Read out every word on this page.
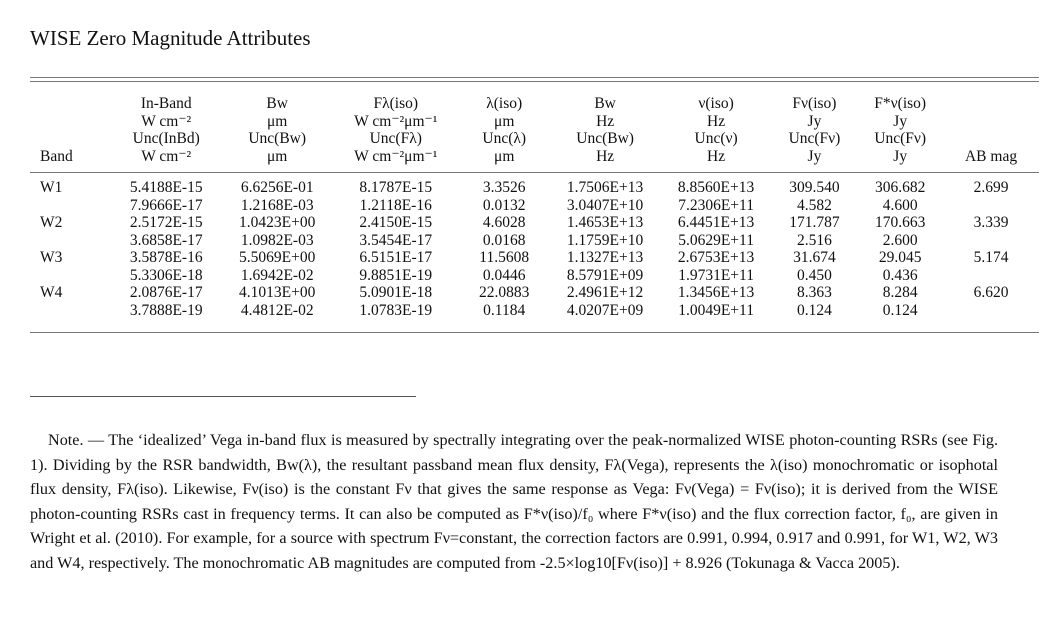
WISE Zero Magnitude Attributes
	In-Band	Bw	Fλ(iso)	λ(iso)	Bw	ν(iso)	Fν(iso)	F*ν(iso)	
	W cm⁻²	μm	W cm⁻²μm⁻¹	μm	Hz	Hz	Jy	Jy	
	Unc(InBd)	Unc(Bw)	Unc(Fλ)	Unc(λ)	Unc(Bw)	Unc(ν)	Unc(Fν)	Unc(Fν)	
Band	W cm⁻²	μm	W cm⁻²μm⁻¹	μm	Hz	Hz	Jy	Jy	AB mag

W1	5.4188E-15	6.6256E-01	8.1787E-15	3.3526	1.7506E+13	8.8560E+13	309.540	306.682	2.699
	7.9666E-17	1.2168E-03	1.2118E-16	0.0132	3.0407E+10	7.2306E+11	4.582	4.600	
W2	2.5172E-15	1.0423E+00	2.4150E-15	4.6028	1.4653E+13	6.4451E+13	171.787	170.663	3.339
	3.6858E-17	1.0982E-03	3.5454E-17	0.0168	1.1759E+10	5.0629E+11	2.516	2.600	
W3	3.5878E-16	5.5069E+00	6.5151E-17	11.5608	1.1327E+13	2.6753E+13	31.674	29.045	5.174
	5.3306E-18	1.6942E-02	9.8851E-19	0.0446	8.5791E+09	1.9731E+11	0.450	0.436	
W4	2.0876E-17	4.1013E+00	5.0901E-18	22.0883	2.4961E+12	1.3456E+13	8.363	8.284	6.620
	3.7888E-19	4.4812E-02	1.0783E-19	0.1184	4.0207E+09	1.0049E+11	0.124	0.124	
Note. — The ‘idealized’ Vega in-band flux is measured by spectrally integrating over the peak-normalized WISE photon-counting RSRs (see Fig. 1). Dividing by the RSR bandwidth, Bw(λ), the resultant passband mean flux density, Fλ(Vega), represents the λ(iso) monochromatic or isophotal flux density, Fλ(iso). Likewise, Fν(iso) is the constant Fν that gives the same response as Vega: Fν(Vega) = Fν(iso); it is derived from the WISE photon-counting RSRs cast in frequency terms. It can also be computed as F*ν(iso)/f₀ where F*ν(iso) and the flux correction factor, f₀, are given in Wright et al. (2010). For example, for a source with spectrum Fν=constant, the correction factors are 0.991, 0.994, 0.917 and 0.991, for W1, W2, W3 and W4, respectively. The monochromatic AB magnitudes are computed from -2.5×log10[Fν(iso)] + 8.926 (Tokunaga & Vacca 2005).
